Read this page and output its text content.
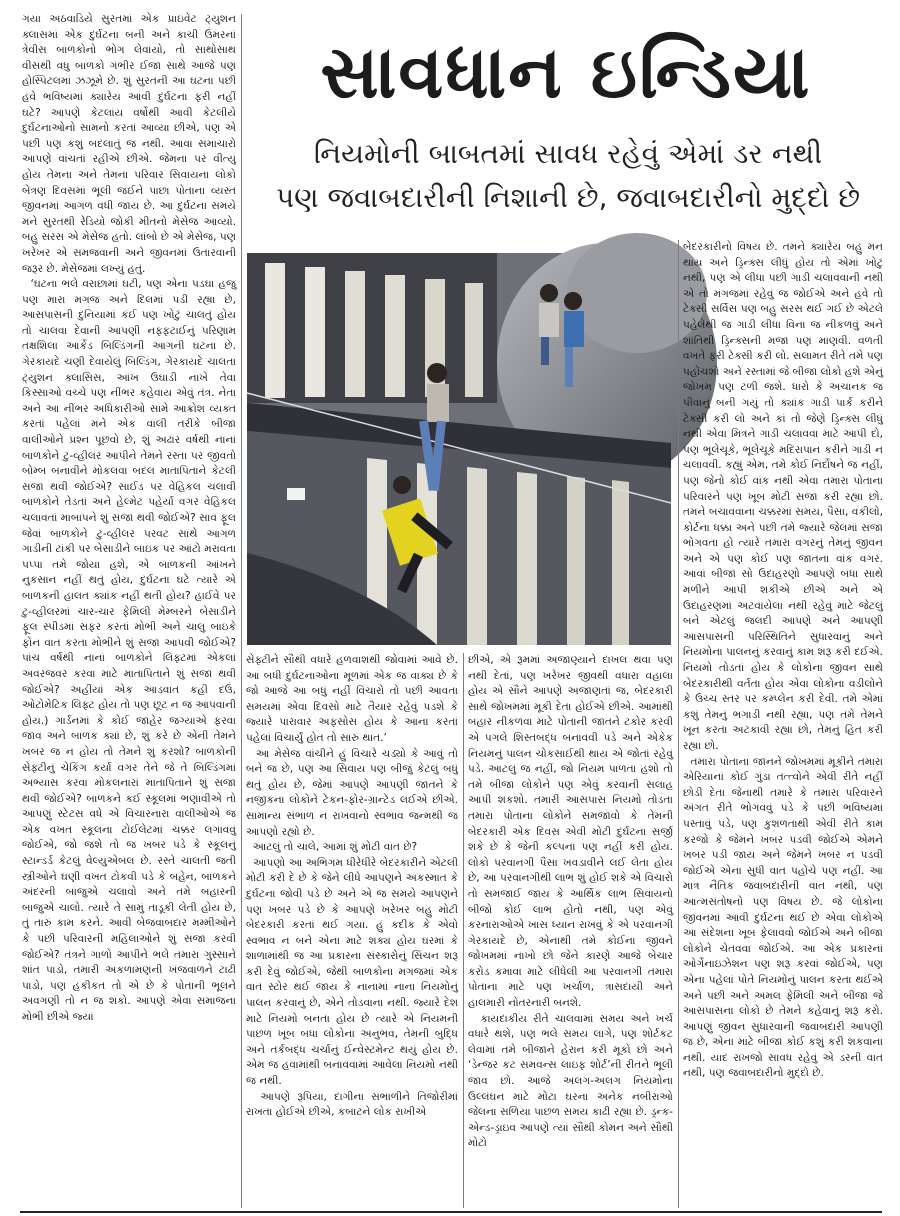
ગયા અઠવાડિયે સુરતમાં એક પ્રાઇવેટ ટ્યુશન ક્લાસમાં એક દુર્ઘટના બની અને કાચી ઉંમરનાં ત્રેવીસ બાળકોનો ભોગ લેવાયો, તો સાથોસાથ વીસથી વધુ બાળકો ગંભીર ઈજા સાથે આજે પણ હોસ્પિટલમાં ઝઝૂમે છે. શું સુરતની આ ઘટના પછી હવે ભવિષ્યમાં ક્યારેય આવી દુર્ઘટના ફરી નહીં ઘટે? આપણે કેટલાંય વર્ષોથી આવી કેટલીયે દુર્ઘટનાઓનો સામનો કરતાં આવ્યા છીએ, પણ એ પછી પણ કશું બદલાતું જ નથી. આવા સમાચારો આપણે વાંચતાં રહીએ છીએ. જેમના પર વીત્યું હોય તેમના અને તેમના પરિવાર સિવાયના લોકો બેત્રણ દિવસમાં ભૂલી જઈને પાછા પોતાના વ્યસ્ત જીવનમાં આગળ વધી જાય છે. આ દુર્ઘટના સમયે મને સુરતથી રેડિયો જોકી મીતનો મેસેજ આવ્યો. બહુ સરસ એ મેસેજ હતો. લાંબો છે એ મેસેજ, પણ ખરેખર એ સમજવાની અને જીવનમાં ઉતારવાની જરૂર છે. મેસેજમાં લખ્યું હતું.
‘ઘટના ભલે વરાછામાં ઘટી, પણ એના પડઘા હજુ પણ મારા મગજ અને દિલમાં પડી રહ્યા છે, આસપાસની દુનિયામાં કંઈ પણ ખોટું ચાલતું હોય તો ચાલવા દેવાની આપણી નફ્ફટાઈનું પરિણામ તક્ષશિલા આર્કેડ બિલ્ડિંગની આગની ઘટના છે. ગેરકાયદે ચણી દેવાયેલું બિલ્ડિંગ, ગેરકાયદે ચાલતા ટ્યુશન ક્લાસિસ, આંખ ઉઘાડી નાખે તેવા કિસ્સાઓ વચ્ચે પણ નીંભર કહેવાય એવું તંત્ર. નેતા અને આ નીંભર અધિકારીઓ સામે આક્રોશ વ્યક્ત કરતાં પહેલાં મને એક વાલી તરીકે બીજા વાલીઓને પ્રશ્ન પૂછવો છે, શું અઢાર વર્ષથી નાનાં બાળકોને ટુ-વ્હીલર આપીને તેમને રસ્તા પર જીવતો બોમ્બ બનાવીને મોકલવા બદલ માતાપિતાને કેટલી સજા થવી જોઈએ? સાઈડ પર વેહિકલ ચલાવી બાળકોને તેડતાં અને હેલ્મેટ પહેર્યા વગર વેહિકલ ચલાવતાં માબાપને શું સજા થવી જોઈએ? સાવ ફૂલ જેવાં બાળકોને ટુ-વ્હીલર પરવટ સાથે આગળ ગાડીની ટાંકી પર બેસાડીને બાઇક પર આંટો મરાવતા પપ્પા તમે જોયા હશે, એ બાળકની આંખને નુકસાન નહીં થતું હોય, દુર્ઘટના ઘટે ત્યારે એ બાળકની હાલત ક્યાંક નહીં થતી હોય? હાઈવે પર ટુ-વ્હીલરમાં ચાર-ચાર ફેમિલી મેમ્બરને બેસાડીને ફૂલ સ્પીડમાં સફર કરતાં મોભી અને ચાલુ બાઇકે ફોન વાત કરતા મોભીને શું સજા આપવી જોઈએ? પાંચ વર્ષથી નાનાં બાળકોને લિફ્ટમાં એકલાં અવરજવર કરવા માટે માતાપિતાને શું સજા થવી જોઈએ? અહીંયાં એક આડવાત કહી દઉં, ઓટોમેટિક લિફ્ટ હોય તો પણ છૂટ ન જ આપવાની હોય.) ગાર્ડનમાં કે કોઈ જાહેર જગ્યાએ ફરવા જાવ અને બાળક ક્યાં છે, શું કરે છે એની તેમને ખબર જ ન હોય તો તેમને શું કરશો? બાળકોની સેફ્ટીનું ચેકિંગ કર્યા વગર તેને જે તે બિલ્ડિંગમાં અભ્યાસ કરવા મોકલનારાં માતાપિતાને શું સજા થવી જોઈએ? બાળકને કઈ સ્કૂલમાં ભણાવીએ તો આપણું સ્ટેટસ વધે એ વિચારનારા વાલીઓએ જ એક વખત સ્કૂલના ટોઈલેટમાં ચક્કર લગાવવું જોઈએ, જો જશે તો જ ખબર પડે કે સ્કૂલનું સ્ટાન્ડર્ડ કેટલું વેલ્યુએબલ છે. રસ્તે ચાલતી જતી સ્ત્રીઓને ઘણી વખત ટોકવી પડે કે બહેન, બાળકને અંદરની બાજુએ ચલાવો અને તમે બહારની બાજુએ ચાલો. ત્યારે તે સામું તાડૂકી લેતી હોય છે, તું તારું કામ કરને. આવી બેજવાબદાર મમ્મીઓને કે પછી પરિવારની મહિલાઓને શું સજા કરવી જોઈએ? તંત્રને ગાળો આપીને ભલે તમારા ગુસ્સાને શાંત પાડો, તમારી અકળામણની ખંજવાળને ટાઢી પાડો, પણ હકીકત તો એ છે કે પોતાની ભૂલને અવગણી તો ન જ શકો. આપણે એવા સમાજના મોભી છીએ જ્યાં
સાવધાન ઇન્ડિયા
નિયમોની બાબતમાં સાવધ રહેવું એમાં ડર નથી
પણ જવાબદારીની નિશાની છે, જવાબદારીનો મુદ્દો છે
સેફ્ટીને સૌથી વધારે હળવાશથી જોવામાં આવે છે. આ બધી દુર્ઘટનાઓના મૂળમાં એક જ વાક્ય છે કે જો આજે આ બધું નહીં વિચારો તો પછી આવતા સમયમાં એવા દિવસો માટે તૈયાર રહેવું પડશે કે જ્યારે પારાવાર અફસોસ હોય કે આના કરતાં પહેલાં વિચાર્યું હોત તો સારું થાત.’
આ મેસેજ વાંચીને હું વિચારે ચડ્યો કે આવું તો બને જ છે, પણ આ સિવાય પણ બીજું કેટલું બધું થતું હોય છે, જેમાં આપણે આપણી જાતને કે નજીકના લોકોને ટેકન-ફોર-ગ્રાન્ટેડ લઈએ છીએ. સામાન્ય સંભાળ ન રાખવાનો સ્વભાવ જન્મથી જ આપણો રહ્યો છે.
આટલું તો ચાલે, આમાં શું મોટી વાત છે?
આપણો આ અભિગમ ધીરેધીરે બેદરકારીને એટલી મોટી કરી દે છે કે જેને લીધે આપણને અકસ્માત કે દુર્ઘટના જોવી પડે છે અને એ જ સમયે આપણને પણ ખબર પડે છે કે આપણે ખરેખર બહુ મોટી બેદરકારી કરતાં થઈ ગયા. હું કદીક કે એવો સ્વભાવ ન બને એના માટે શક્ય હોય ઘરમાં કે શાળામાંથી જ આ પ્રકારના સંસ્કારોનું સિંચન શરૂ કરી દેવું જોઈએ, જેથી બાળકોના મગજમાં એક વાત સ્ટોર થઈ જાય કે નાનામાં નાના નિયમોનું પાલન કરવાનું છે, એને તોડવાના નથી. જ્યારે દેશ માટે નિયમો બનતા હોય છે ત્યારે એ નિયમની પાછળ ખૂબ બધા લોકોના અનુભવ, તેમની બુદ્ધિ અને તર્કબદ્ધ ચર્ચાનું ઈન્વેસ્ટમેન્ટ થયું હોય છે. એમ જ હવામાંથી બનાવવામાં આવેલા નિયમો નથી જ નથી.
આપણે રૂપિયા, દાગીના સંભાળીને તિજોરીમાં રાખતા હોઈએ છીએ, કબાટને લોક રાખીએ
છીએ, એ રૂમમાં અજાણ્યાને દાખલ થવા પણ નથી દેતાં, પણ ખરેખર જીવથી વધારા વહાલા હોય એ સૌને આપણે અજાણતાં જ, બેદરકારી સાથે જોખમમાં મૂકી દેતા હોઈએ છીએ. આમાંથી બહાર નીકળવા માટે પોતાની જાતને ટકોર કરવી એ પગલે શિસ્તબદ્ધ બનાવવી પડે અને એકેક નિયમનું પાલન ચોકસાઈથી થાય એ જોતાં રહેવું પડે. આટલું જ નહીં, જો નિયમ પાળતા હશો તો તમે બીજા લોકોને પણ એવું કરવાની સલાહ આપી શકશો. તમારી આસપાસ નિયમો તોડતા તમારા પોતાના લોકોને સમજાવો કે તેમની બેદરકારી એક દિવસ એવી મોટી દુર્ઘટના સર્જી શકે છે કે જેની કલ્પના પણ નહીં કરી હોય. લોકો પરવાનગી પૈસા ખવડાવીને લઈ લેતા હોય છે, આ પરવાનગીથી લાભ શું હોઈ શકે એ વિચારો તો સમજાઈ જાય કે આર્થિક લાભ સિવાયનો બીજો કોઈ લાભ હોતો નથી, પણ એવું કરનારાઓએ ખાસ ધ્યાન રાખવું કે એ પરવાનગી ગેરકાયદે છે, એનાથી તમે કોઈના જીવને જોખમમાં નાખો છો જેને કારણે આજે બેચાર કરોડ કમાવા માટે લીધેલી આ પરવાનગી તમારા પોતાના માટે પણ ખર્ચાળ, ત્રાસદાયી અને હાલમારી નોતરનારી બનશે.
કાયદાકીય રીતે ચાલવામાં સમય અને ખર્ચ વધારે થશે, પણ ભલે સમય લાગે, પણ શોર્ટકટ લેવામાં તમે બીજાને હેરાન કરી મૂકો છો અને ‘ડેન્જર કટ સમવન્સ લાઇફ શોર્ટ’ની રીતને ભૂલી જાવ છો. આજે અલગ-અલગ નિયમોના ઉલ્લંઘન માટે મોટા ઘરના અનેક નબીરાઓ જેલના સળિયા પાછળ સમય કાઢી રહ્યા છે. ડ્રન્ક-એન્ડ-ડ્રાઇવ આપણે ત્યાં સૌથી કોમન અને સૌથી મોટો
બેદરકારીનો વિષય છે. તમને ક્યારેય બહુ મન થાય અને ડ્રિન્ક્સ લીધું હોય તો એમાં ખોટું નથી, પણ એ લીધા પછી ગાડી ચલાવવાની નથી એ તો મગજમાં રહેવું જ જોઈએ અને હવે તો ટેક્સી સર્વિસ પણ બહુ સરસ થઈ ગઈ છે એટલે પહેલેથી જ ગાડી લીધા વિના જ નીકળવું અને શાંતિથી ડ્રિન્ક્સની મજા પણ માણવી. વળતી વખતે ફરી ટેક્સી કરી લો. સલામત રીતે તમે પણ પહોંચશો અને રસ્તામાં જે બીજા લોકો હશે એનું જોખમ પણ ટળી જશે. ધારો કે અચાનક જ પીવાનું બની ગયું તો ક્યાંક ગાડી પાર્ક કરીને ટેક્સી કરી લો અને કાં તો જેણે ડ્રિન્ક્સ લીધું નથી એવા મિત્રને ગાડી ચલાવવા માટે આપી દો, પણ ભૂલેચૂકે, ભૂલેચૂકે મદિરાપાન કરીને ગાડી ન ચલાવવી. કહ્યું એમ, તમે કોઈ નિર્દોષને જ નહીં, પણ જેનો કોઈ વાંક નથી એવા તમારા પોતાના પરિવારને પણ ખૂબ મોટી સજા કરી રહ્યા છો. તમને બચાવવાના ચક્કરમાં સમય, પૈસા, વકીલો, કોર્ટના ધક્કા અને પછી તમે જ્યારે જેલમાં સજા ભોગવતા હો ત્યારે તમારા વગરનું તેમનું જીવન અને એ પણ કોઈ પણ જાતના વાંક વગર. આવાં બીજાં સો ઉદાહરણો આપણે બધા સાથે મળીને આપી શકીએ છીએ અને એ ઉદાહરણમાં અટવાયેલા નથી રહેવું માટે જેટલું બને એટલું જલદી આપણે અને આપણી આસપાસની પરિસ્થિતિને સુધારવાનું અને નિયમોના પાલનનું કરવાનું કામ શરૂ કરી દઈએ. નિયમો તોડતાં હોય કે લોકોના જીવન સાથે બેદરકારીથી વર્તતા હોય એવા લોકોના વડીલોને કે ઉચ્ચ સ્તર પર કમ્પ્લેન કરી દેવી. તમે એમાં કશું તેમનું ભગાડી નથી રહ્યા, પણ તમે તેમને ખૂન કરતા અટકાવી રહ્યા છો, તેમનું હિત કરી રહ્યા છો.
તમારા પોતાના જાનને જોખમમાં મૂકીને તમારા એરિયાનાં કોઈ ગુંડા તત્ત્વોને એવી રીતે નહીં છોડી દેતા જેનાથી તમારે કે તમારા પરિવારને અંગત રીતે ભોગવવું પડે કે પછી ભવિષ્યમાં પસ્તાવું પડે, પણ કુશળતાથી એવી રીતે કામ કરજો કે જેમને ખબર પડવી જોઈએ એમને ખબર પડી જાય અને જેમને ખબર ન પડવી જોઈએ એના સુધી વાત પહોંચે પણ નહીં. આ માત્ર નૈતિક જવાબદારીની વાત નથી, પણ આત્મસંતોષનો પણ વિષય છે. જે લોકોના જીવનમાં આવી દુર્ઘટના થઈ છે એવા લોકોએ આ સંદેશના ખૂબ ફેલાવવો જોઈએ અને બીજા લોકોને ચેતવવા જોઈએ. આ એક પ્રકારનાં ઓર્ગેનાઇઝેશન પણ શરૂ કરવાં જોઈએ, પણ એના પહેલાં પોતે નિયમોનું પાલન કરતા થઈએ અને પછી અને અમલ ફેમિલી અને બીજા જે આસપાસના લોકો છે તેમને કહેવાનું શરૂ કરો. આપણું જીવન સુધારવાની જવાબદારી આપણી જ છે, એના માટે બીજા કોઈ કશું કરી શકવાના નથી. યાદ રાખજો સાવધ રહેવું એ ડરની વાત નથી, પણ જવાબદારીનો મુદ્દો છે.
